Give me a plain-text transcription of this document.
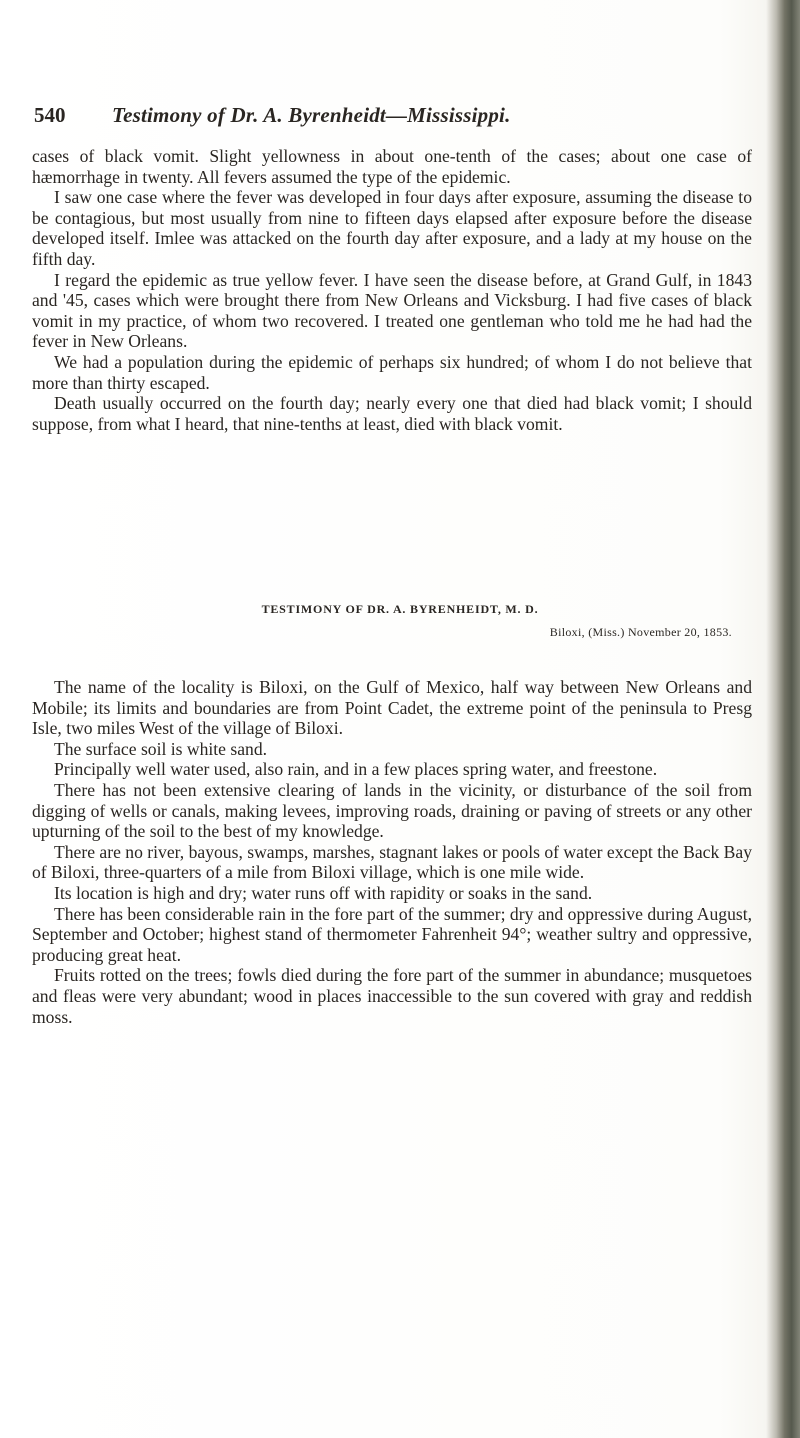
540 Testimony of Dr. A. Byrenheidt—Mississippi.

cases of black vomit. Slight yellowness in about one-tenth of the cases; about one case of hæmorrhage in twenty. All fevers assumed the type of the epidemic.

I saw one case where the fever was developed in four days after exposure, assuming the disease to be contagious, but most usually from nine to fifteen days elapsed after exposure before the disease developed itself. Imlee was attacked on the fourth day after exposure, and a lady at my house on the fifth day.

I regard the epidemic as true yellow fever. I have seen the disease before, at Grand Gulf, in 1843 and '45, cases which were brought there from New Orleans and Vicksburg. I had five cases of black vomit in my practice, of whom two recovered. I treated one gentleman who told me he had had the fever in New Orleans.

We had a population during the epidemic of perhaps six hundred; of whom I do not believe that more than thirty escaped.

Death usually occurred on the fourth day; nearly every one that died had black vomit; I should suppose, from what I heard, that nine-tenths at least, died with black vomit.

TESTIMONY OF DR. A. BYRENHEIDT, M. D.
Biloxi, (Miss.) November 20, 1853.

The name of the locality is Biloxi, on the Gulf of Mexico, half way between New Orleans and Mobile; its limits and boundaries are from Point Cadet, the extreme point of the peninsula to Presg Isle, two miles West of the village of Biloxi.

The surface soil is white sand.

Principally well water used, also rain, and in a few places spring water, and freestone.

There has not been extensive clearing of lands in the vicinity, or disturbance of the soil from digging of wells or canals, making levees, improving roads, draining or paving of streets or any other upturning of the soil to the best of my knowledge.

There are no river, bayous, swamps, marshes, stagnant lakes or pools of water except the Back Bay of Biloxi, three-quarters of a mile from Biloxi village, which is one mile wide.

Its location is high and dry; water runs off with rapidity or soaks in the sand.

There has been considerable rain in the fore part of the summer; dry and oppressive during August, September and October; highest stand of thermometer Fahrenheit 94°; weather sultry and oppressive, producing great heat.

Fruits rotted on the trees; fowls died during the fore part of the summer in abundance; musquetoes and fleas were very abundant; wood in places inaccessible to the sun covered with gray and reddish moss.
